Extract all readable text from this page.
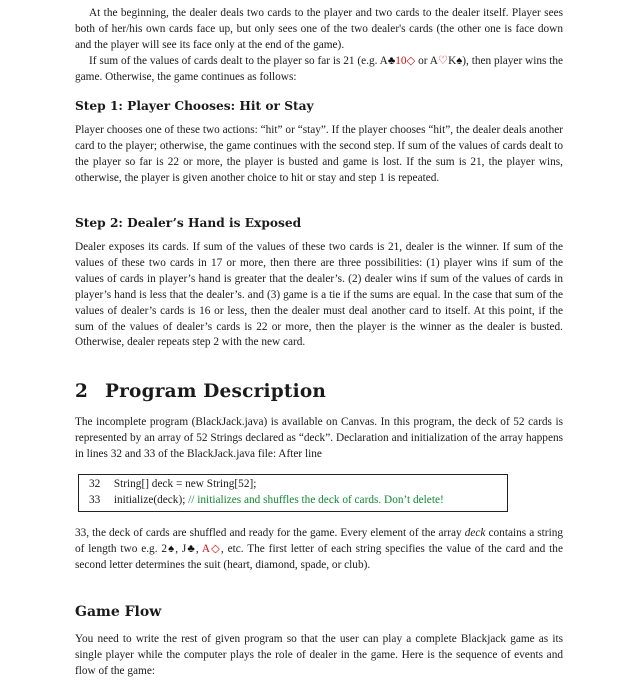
At the beginning, the dealer deals two cards to the player and two cards to the dealer itself. Player sees both of her/his own cards face up, but only sees one of the two dealer's cards (the other one is face down and the player will see its face only at the end of the game).

If sum of the values of cards dealt to the player so far is 21 (e.g. A♣10◇ or A♡K♠), then player wins the game. Otherwise, the game continues as follows:

Step 1: Player Chooses: Hit or Stay

Player chooses one of these two actions: “hit” or “stay”. If the player chooses “hit”, the dealer deals another card to the player; otherwise, the game continues with the second step. If sum of the values of cards dealt to the player so far is 22 or more, the player is busted and game is lost. If the sum is 21, the player wins, otherwise, the player is given another choice to hit or stay and step 1 is repeated.

Step 2: Dealer’s Hand is Exposed

Dealer exposes its cards. If sum of the values of these two cards is 21, dealer is the winner. If sum of the values of these two cards in 17 or more, then there are three possibilities: (1) player wins if sum of the values of cards in player’s hand is greater that the dealer’s. (2) dealer wins if sum of the values of cards in player’s hand is less that the dealer’s. and (3) game is a tie if the sums are equal. In the case that sum of the values of dealer’s cards is 16 or less, then the dealer must deal another card to itself. At this point, if the sum of the values of dealer’s cards is 22 or more, then the player is the winner as the dealer is busted. Otherwise, dealer repeats step 2 with the new card.

2 Program Description

The incomplete program (BlackJack.java) is available on Canvas. In this program, the deck of 52 cards is represented by an array of 52 Strings declared as “deck”. Declaration and initialization of the array happens in lines 32 and 33 of the BlackJack.java file: After line

32 String[] deck = new String[52];
33 initialize(deck); // initializes and shuffles the deck of cards. Don’t delete!

33, the deck of cards are shuffled and ready for the game. Every element of the array deck contains a string of length two e.g. 2♠, J♣, A◇, etc. The first letter of each string specifies the value of the card and the second letter determines the suit (heart, diamond, spade, or club).

Game Flow

You need to write the rest of given program so that the user can play a complete Blackjack game as its single player while the computer plays the role of dealer in the game. Here is the sequence of events and flow of the game:
